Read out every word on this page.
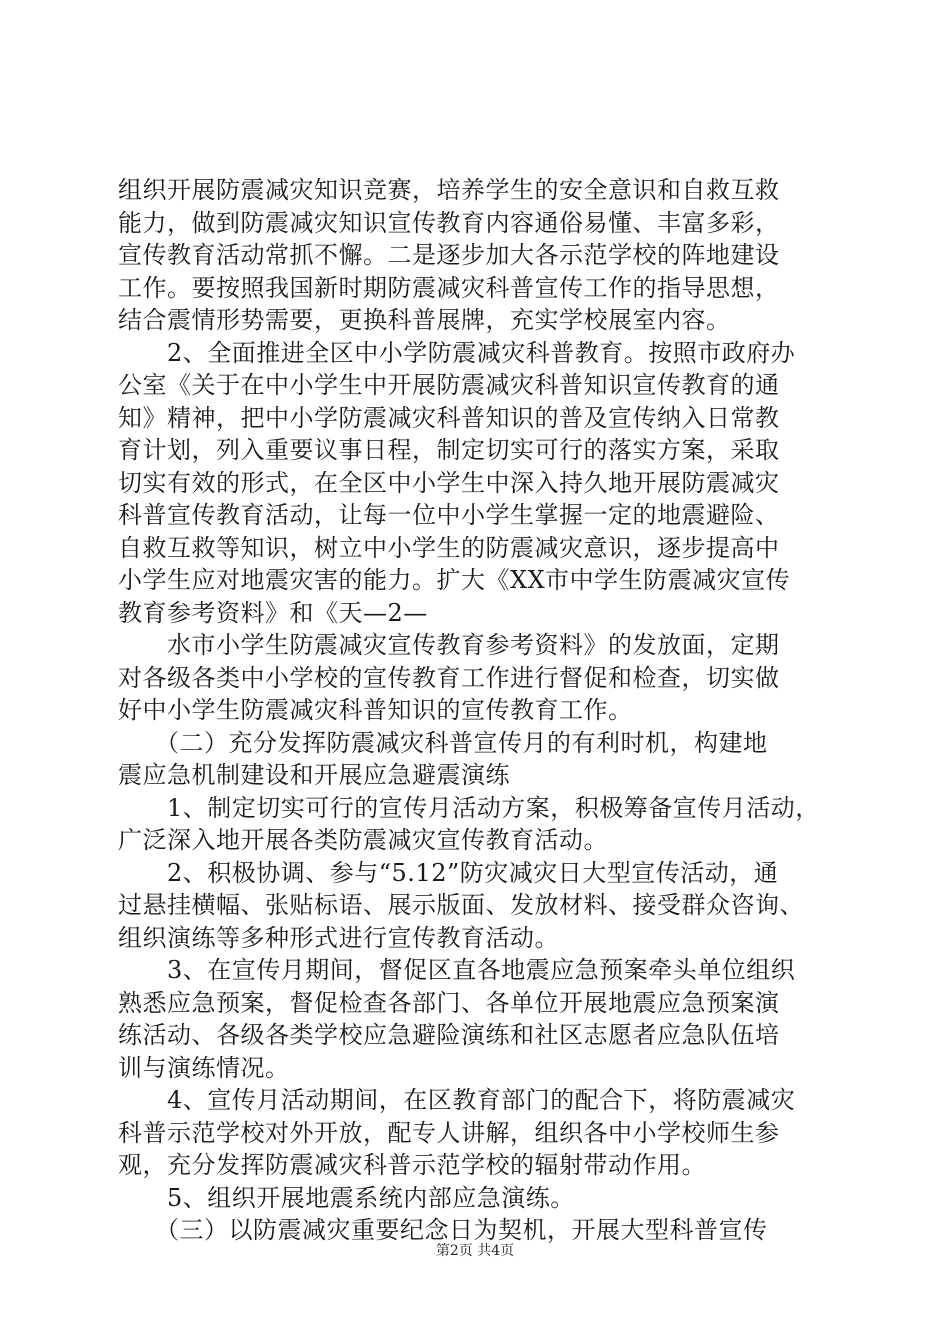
组织开展防震减灾知识竞赛，培养学生的安全意识和自救互救
能力，做到防震减灾知识宣传教育内容通俗易懂、丰富多彩，
宣传教育活动常抓不懈。二是逐步加大各示范学校的阵地建设
工作。要按照我国新时期防震减灾科普宣传工作的指导思想，
结合震情形势需要，更换科普展牌，充实学校展室内容。
　　2、全面推进全区中小学防震减灾科普教育。按照市政府办
公室《关于在中小学生中开展防震减灾科普知识宣传教育的通
知》精神，把中小学防震减灾科普知识的普及宣传纳入日常教
育计划，列入重要议事日程，制定切实可行的落实方案，采取
切实有效的形式，在全区中小学生中深入持久地开展防震减灾
科普宣传教育活动，让每一位中小学生掌握一定的地震避险、
自救互救等知识，树立中小学生的防震减灾意识，逐步提高中
小学生应对地震灾害的能力。扩大《XX市中学生防震减灾宣传
教育参考资料》和《天—2—
　　水市小学生防震减灾宣传教育参考资料》的发放面，定期
对各级各类中小学校的宣传教育工作进行督促和检查，切实做
好中小学生防震减灾科普知识的宣传教育工作。
　　（二）充分发挥防震减灾科普宣传月的有利时机，构建地
震应急机制建设和开展应急避震演练
　　1、制定切实可行的宣传月活动方案，积极筹备宣传月活动，
广泛深入地开展各类防震减灾宣传教育活动。
　　2、积极协调、参与“5.12”防灾减灾日大型宣传活动，通
过悬挂横幅、张贴标语、展示版面、发放材料、接受群众咨询、
组织演练等多种形式进行宣传教育活动。
　　3、在宣传月期间，督促区直各地震应急预案牵头单位组织
熟悉应急预案，督促检查各部门、各单位开展地震应急预案演
练活动、各级各类学校应急避险演练和社区志愿者应急队伍培
训与演练情况。
　　4、宣传月活动期间，在区教育部门的配合下，将防震减灾
科普示范学校对外开放，配专人讲解，组织各中小学校师生参
观，充分发挥防震减灾科普示范学校的辐射带动作用。
　　5、组织开展地震系统内部应急演练。
　　（三）以防震减灾重要纪念日为契机，开展大型科普宣传
第2页 共4页
